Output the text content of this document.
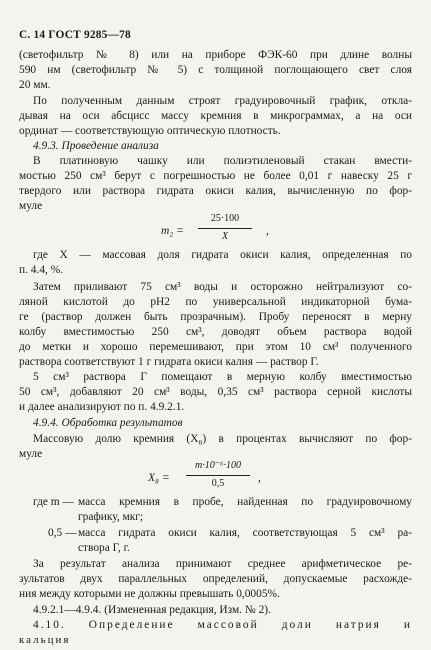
С. 14 ГОСТ 9285—78
(светофильтр № 8) или на приборе ФЭК-60 при длине волны
590 нм (светофильтр № 5) с толщиной поглощающего свет слоя
20 мм.
По полученным данным строят градуировочный график, откла-
дывая на оси абсцисс массу кремния в микрограммах, а на оси
ординат — соответствующую оптическую плотность.
4.9.3. Проведение анализа
В платиновую чашку или полиэтиленовый стакан вмести-
мостью 250 см³ берут с погрешностью не более 0,01 г навеску 25 г
твердого или раствора гидрата окиси калия, вычисленную по фор-
муле
m₂ =
25·100
X	,
где X — массовая доля гидрата окиси калия, определенная по
п. 4.4, %.
Затем приливают 75 см³ воды и осторожно нейтрализуют со-
ляной кислотой до рН2 по универсальной индикаторной бума-
ге (раствор должен быть прозрачным). Пробу переносят в мерну
колбу вместимостью 250 см³, доводят объем раствора водой
до метки и хорошо перемешивают, при этом 10 см³ полученного
раствора соответствуют 1 г гидрата окиси калия — раствор Г.
5 см³ раствора Г помещают в мерную колбу вместимостью
50 см³, добавляют 20 см³ воды, 0,35 см³ раствора серной кислоты
и далее анализируют по п. 4.9.2.1.
4.9.4. Обработка результатов
Массовую долю кремния (X₈) в процентах вычисляют по фор-
муле
X₈ =
m·10⁻⁶·100
0,5	,
где m — масса кремния в пробе, найденная по градуировочному
графику, мкг;
0,5 — масса гидрата окиси калия, соответствующая 5 см³ ра-
створа Г, г.
За результат анализа принимают среднее арифметическое ре-
зультатов двух параллельных определений, допускаемые расхожде-
ния между которыми не должны превышать 0,0005%.
4.9.2.1—4.9.4. (Измененная редакция, Изм. № 2).
4.10. Определение массовой доли натрия и
кальция
